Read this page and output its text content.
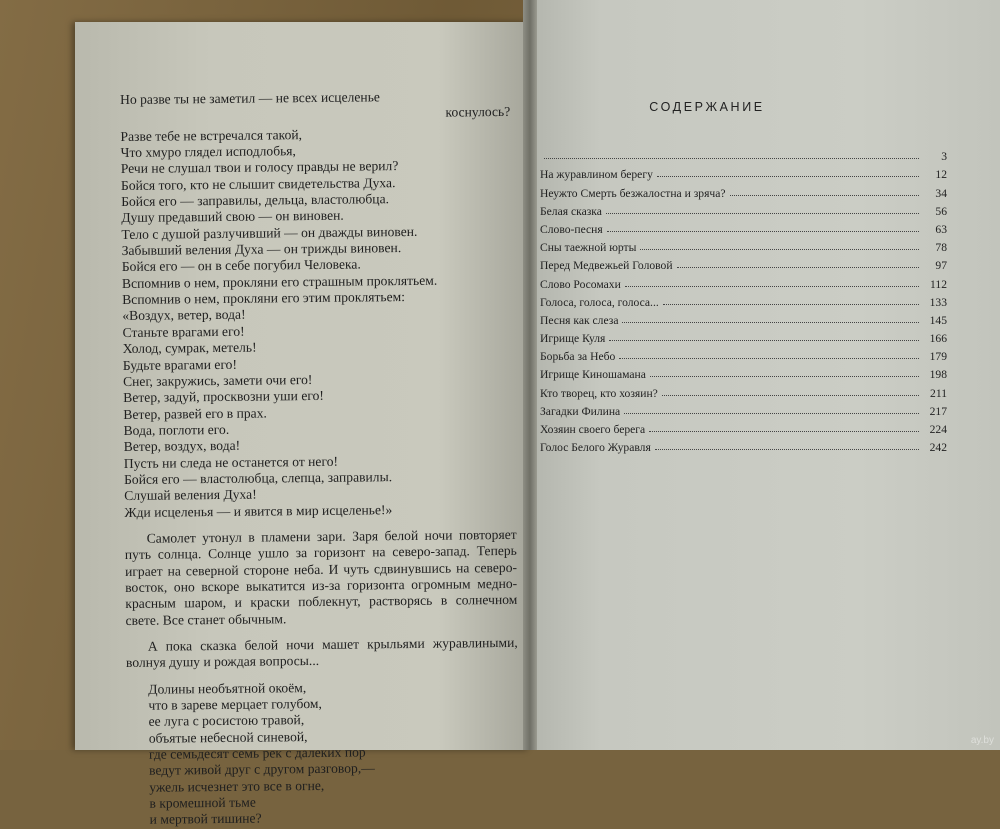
Но разве ты не заметил — не всех исцеленье
коснулось?
Разве тебе не встречался такой,
Что хмуро глядел исподлобья,
Речи не слушал твои и голосу правды не верил?
Бойся того, кто не слышит свидетельства Духа.
Бойся его — заправилы, дельца, властолюбца.
Душу предавший свою — он виновен.
Тело с душой разлучивший — он дважды виновен.
Забывший веления Духа — он трижды виновен.
Бойся его — он в себе погубил Человека.
Вспомнив о нем, прокляни его страшным проклятьем.
Вспомнив о нем, прокляни его этим проклятьем:
«Воздух, ветер, вода!
Станьте врагами его!
Холод, сумрак, метель!
Будьте врагами его!
Снег, закружись, замети очи его!
Ветер, задуй, просквозни уши его!
Ветер, развей его в прах.
Вода, поглоти его.
Ветер, воздух, вода!
Пусть ни следа не останется от него!
Бойся его — властолюбца, слепца, заправилы.
Слушай веления Духа!
Жди исцеленья — и явится в мир исцеленье!»

Самолет утонул в пламени зари. Заря белой ночи повторяет путь солнца. Солнце ушло за горизонт на северо-запад. Теперь играет на северной стороне неба. И чуть сдвинувшись на северо-восток, оно вскоре выкатится из-за горизонта огромным медно-красным шаром, и краски поблекнут, растворясь в солнечном свете. Все станет обычным.

А пока сказка белой ночи машет крыльями журавлиными, волнуя душу и рождая вопросы...

Долины необъятной окоём,
что в зареве мерцает голубом,
ее луга с росистою травой,
объятые небесной синевой,
где семьдесят семь рек с далеких пор
ведут живой друг с другом разговор,—
ужель исчезнет это все в огне,
в кромешной тьме
и мертвой тишине?
СОДЕРЖАНИЕ
3
На журавлином берегу	12
Неужто Смерть безжалостна и зряча?	34
Белая сказка	56
Слово-песня	63
Сны таежной юрты	78
Перед Медвежьей Головой	97
Слово Росомахи	112
Голоса, голоса, голоса...	133
Песня как слеза	145
Игрище Куля	166
Борьба за Небо	179
Игрище Киношамана	198
Кто творец, кто хозяин?	211
Загадки Филина	217
Хозяин своего берега	224
Голос Белого Журавля	242
ay.by
